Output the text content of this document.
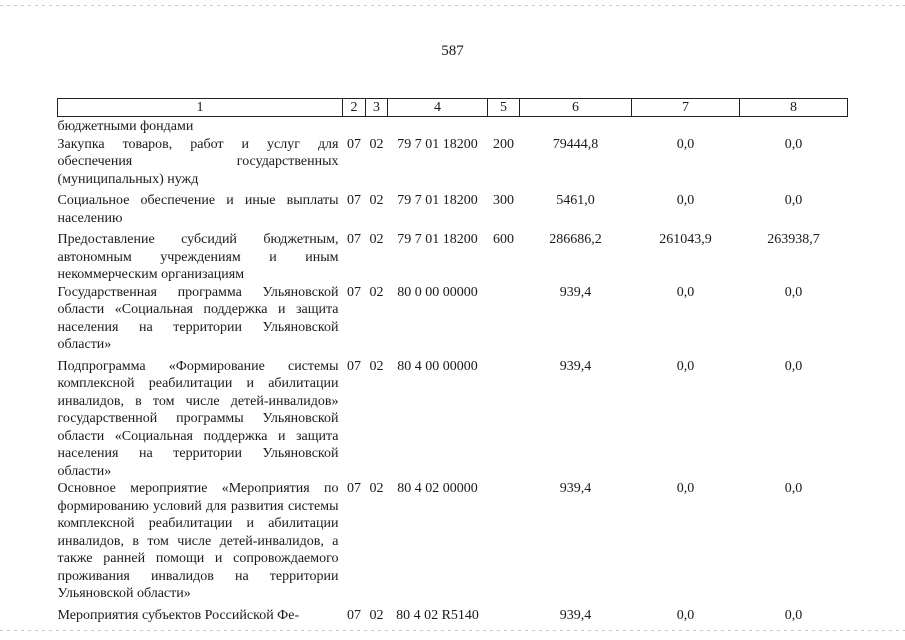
587
1	2	3	4	5	6	7	8
бюджетными фондами							
Закупка товаров, работ и услуг для обеспечения государственных (муниципальных) нужд	07	02	79 7 01 18200	200	79444,8	0,0	0,0
Социальное обеспечение и иные выплаты населению	07	02	79 7 01 18200	300	5461,0	0,0	0,0
Предоставление субсидий бюджетным, автономным учреждениям и иным некоммерческим организациям	07	02	79 7 01 18200	600	286686,2	261043,9	263938,7
Государственная программа Ульяновской области «Социальная поддержка и защита населения на территории Ульяновской области»	07	02	80 0 00 00000		939,4	0,0	0,0
Подпрограмма «Формирование системы комплексной реабилитации и абилитации инвалидов, в том числе детей-инвалидов» государственной программы Ульяновской области «Социальная поддержка и защита населения на территории Ульяновской области»	07	02	80 4 00 00000		939,4	0,0	0,0
Основное мероприятие «Мероприятия по формированию условий для развития системы комплексной реабилитации и абилитации инвалидов, в том числе детей-инвалидов, а также ранней помощи и сопровождаемого проживания инвалидов на территории Ульяновской области»	07	02	80 4 02 00000		939,4	0,0	0,0
Мероприятия субъектов Российской Фе-	07	02	80 4 02 R5140		939,4	0,0	0,0
